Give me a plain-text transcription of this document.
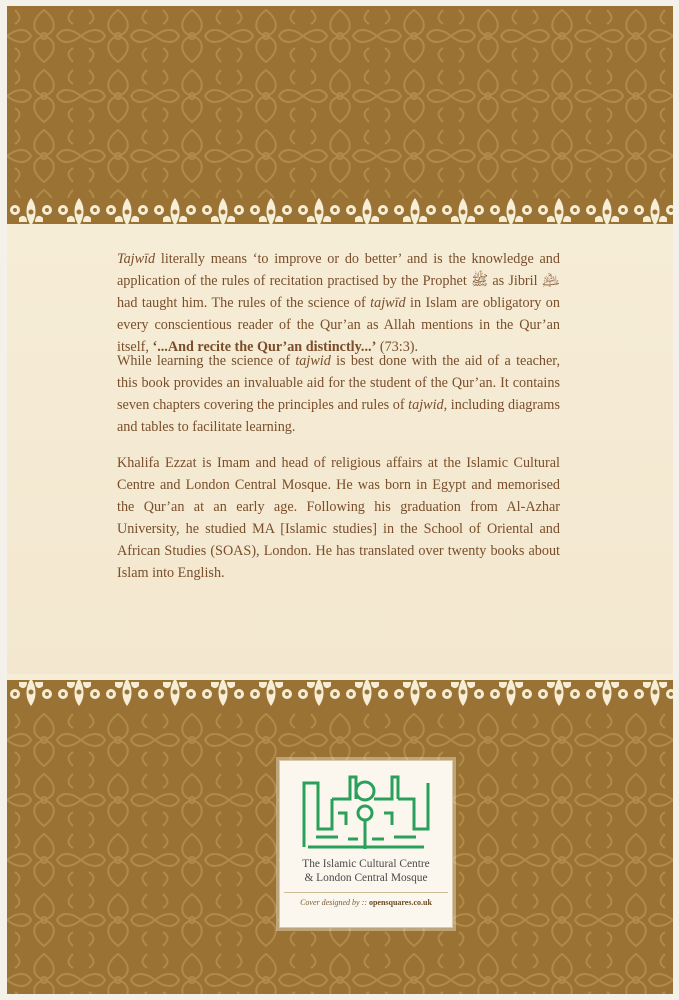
Tajwīd literally means ‘to improve or do better’ and is the knowledge and application of the rules of recitation practised by the Prophet ﷺ as Jibril ﵇ had taught him. The rules of the science of tajwīd in Islam are obligatory on every conscientious reader of the Qur’an as Allah mentions in the Qur’an itself, ‘...And recite the Qur’an distinctly...’ (73:3).

While learning the science of tajwid is best done with the aid of a teacher, this book provides an invaluable aid for the student of the Qur’an. It contains seven chapters covering the principles and rules of tajwid, including diagrams and tables to facilitate learning.

Khalifa Ezzat is Imam and head of religious affairs at the Islamic Cultural Centre and London Central Mosque. He was born in Egypt and memorised the Qur’an at an early age. Following his graduation from Al-Azhar University, he studied MA [Islamic studies] in the School of Oriental and African Studies (SOAS), London. He has translated over twenty books about Islam into English.

The Islamic Cultural Centre
& London Central Mosque
Cover designed by :: opensquares.co.uk
